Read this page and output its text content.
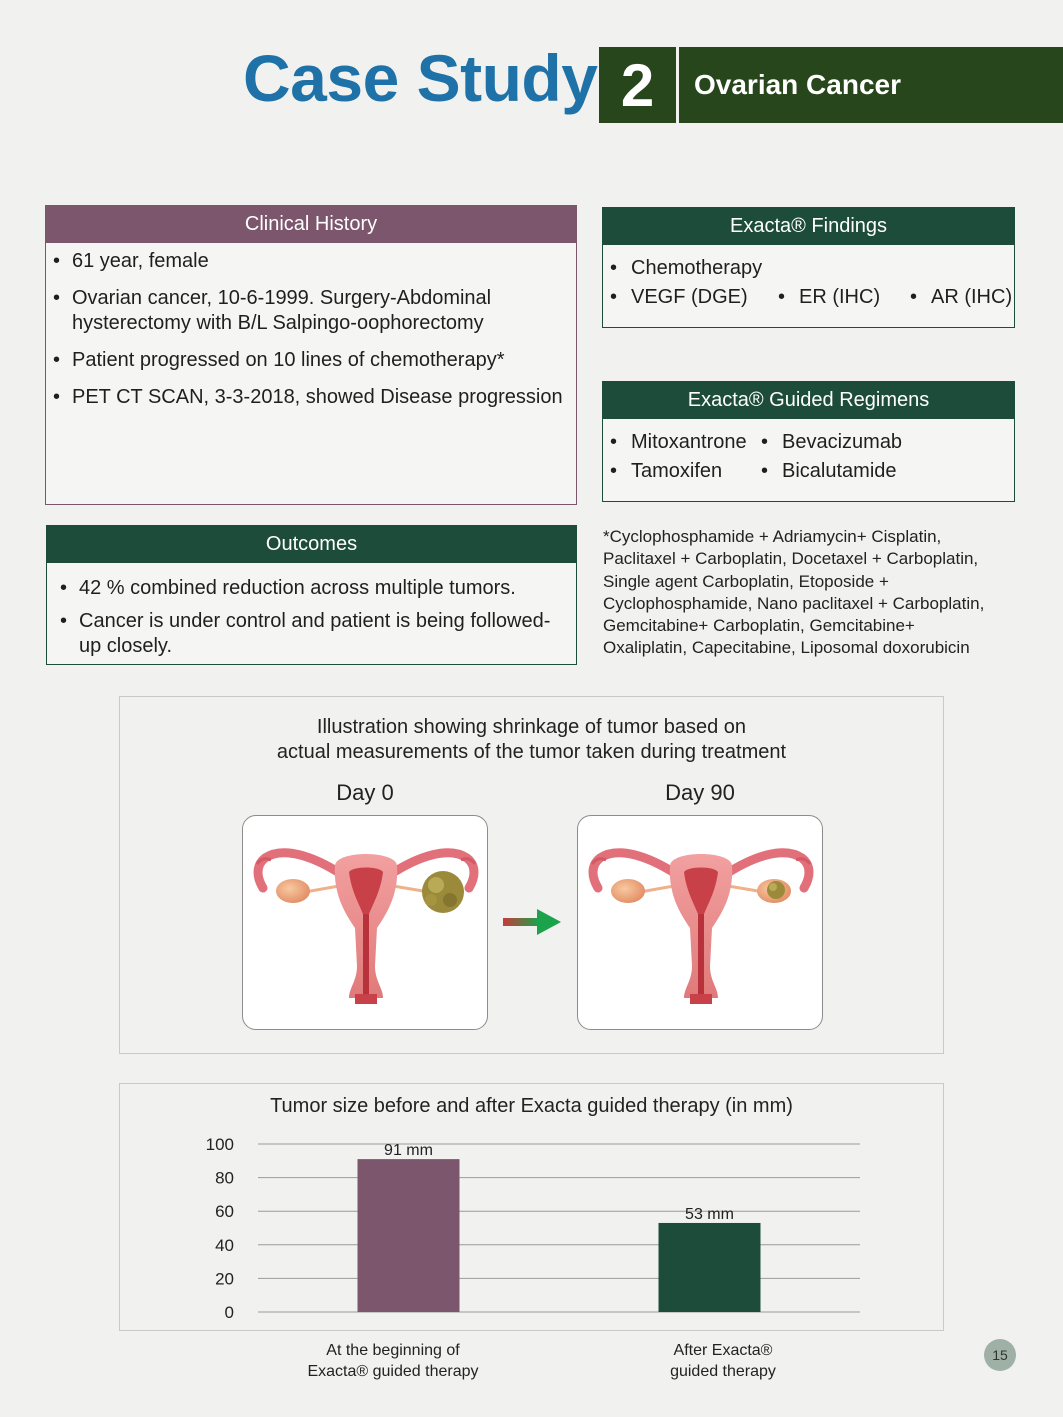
Case Study 2	Ovarian Cancer
Clinical History
• 61 year, female
• Ovarian cancer, 10-6-1999. Surgery-Abdominal hysterectomy with B/L Salpingo-oophorectomy
• Patient progressed on 10 lines of chemotherapy*
• PET CT SCAN, 3-3-2018, showed Disease progression
Outcomes
• 42 % combined reduction across multiple tumors.
• Cancer is under control and patient is being followed-up closely.
Exacta® Findings
• Chemotherapy
• VEGF (DGE)	• ER (IHC)	• AR (IHC)
Exacta® Guided Regimens
• Mitoxantrone	• Bevacizumab
• Tamoxifen	• Bicalutamide
*Cyclophosphamide + Adriamycin+ Cisplatin,
Paclitaxel + Carboplatin, Docetaxel + Carboplatin,
Single agent Carboplatin, Etoposide +
Cyclophosphamide, Nano paclitaxel + Carboplatin,
Gemcitabine+ Carboplatin, Gemcitabine+
Oxaliplatin, Capecitabine, Liposomal doxorubicin
Illustration showing shrinkage of tumor based on
actual measurements of the tumor taken during treatment
Day 0	Day 90
Tumor size before and after Exacta guided therapy (in mm)
0
20
40
60
80
100	91 mm
53 mm
At the beginning of
Exacta® guided therapy
After Exacta®
guided therapy
15
